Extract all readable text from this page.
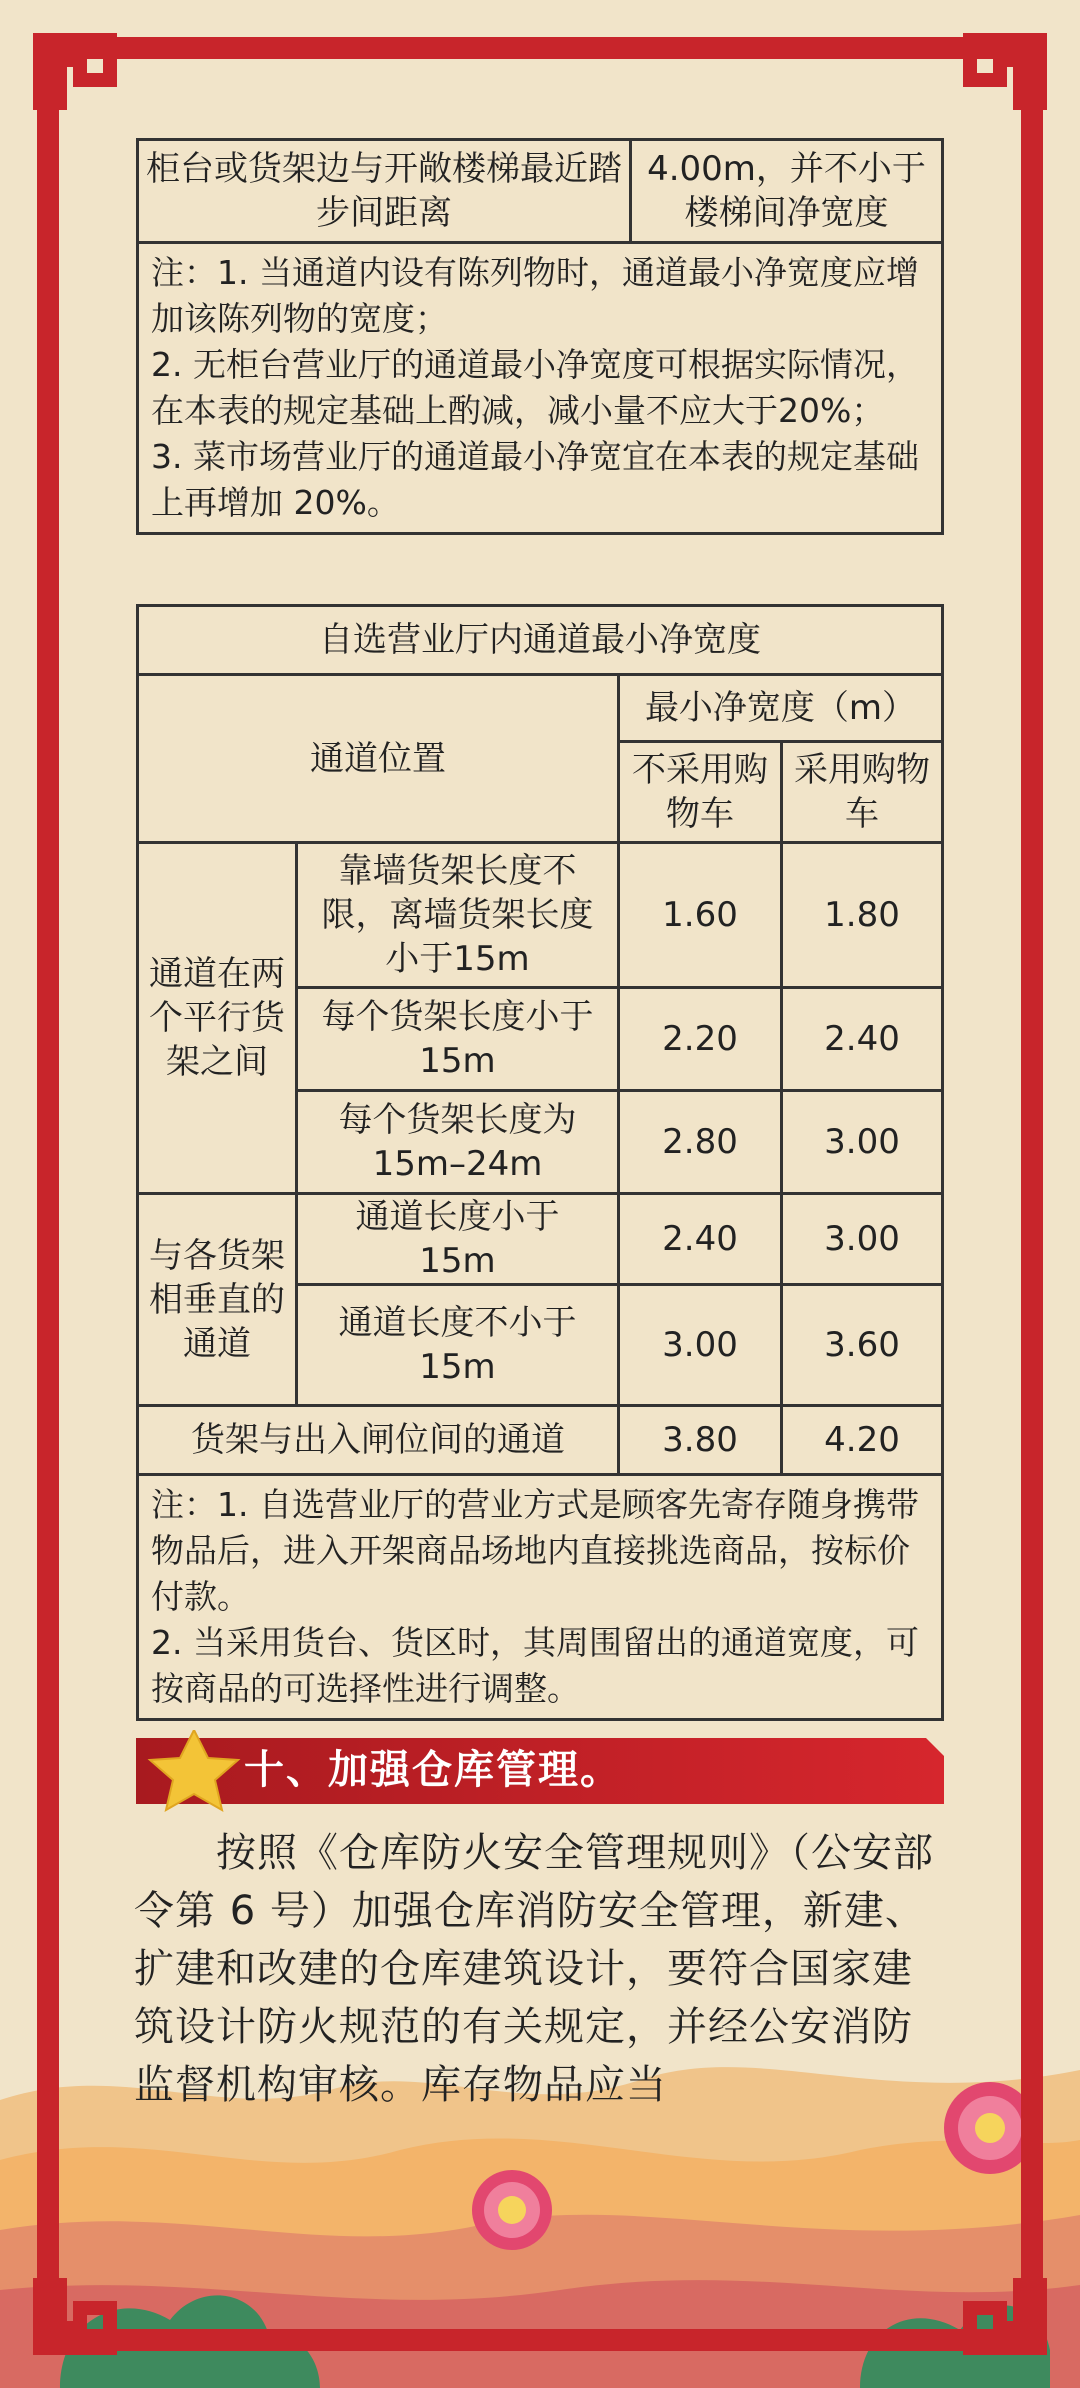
柜台或货架边与开敞楼梯最近踏步间距离	4.00m，并不小于楼梯间净宽度

注：1. 当通道内设有陈列物时，通道最小净宽度应增加该陈列物的宽度；
2. 无柜台营业厅的通道最小净宽度可根据实际情况，在本表的规定基础上酌减，减小量不应大于20%；
3. 菜市场营业厅的通道最小净宽宜在本表的规定基础上再增加 20%。
自选营业厅内通道最小净宽度			
通道位置		最小净宽度（m）	
		不采用购物车	采用购物车
通道在两个平行货架之间	靠墙货架长度不限，离墙货架长度小于15m	1.60	1.80
	每个货架长度小于15m	2.20	2.40
	每个货架长度为15m–24m	2.80	3.00
与各货架相垂直的通道	通道长度小于 15m	2.40	3.00
	通道长度不小于15m	3.00	3.60
货架与出入闸位间的通道		3.80	4.20

注：1. 自选营业厅的营业方式是顾客先寄存随身携带物品后，进入开架商品场地内直接挑选商品，按标价付款。
2. 当采用货台、货区时，其周围留出的通道宽度，可按商品的可选择性进行调整。			
十、加强仓库管理。
按照《仓库防火安全管理规则》（公安部令第 6 号）加强仓库消防安全管理，新建、扩建和改建的仓库建筑设计，要符合国家建筑设计防火规范的有关规定，并经公安消防监督机构审核。库存物品应当
